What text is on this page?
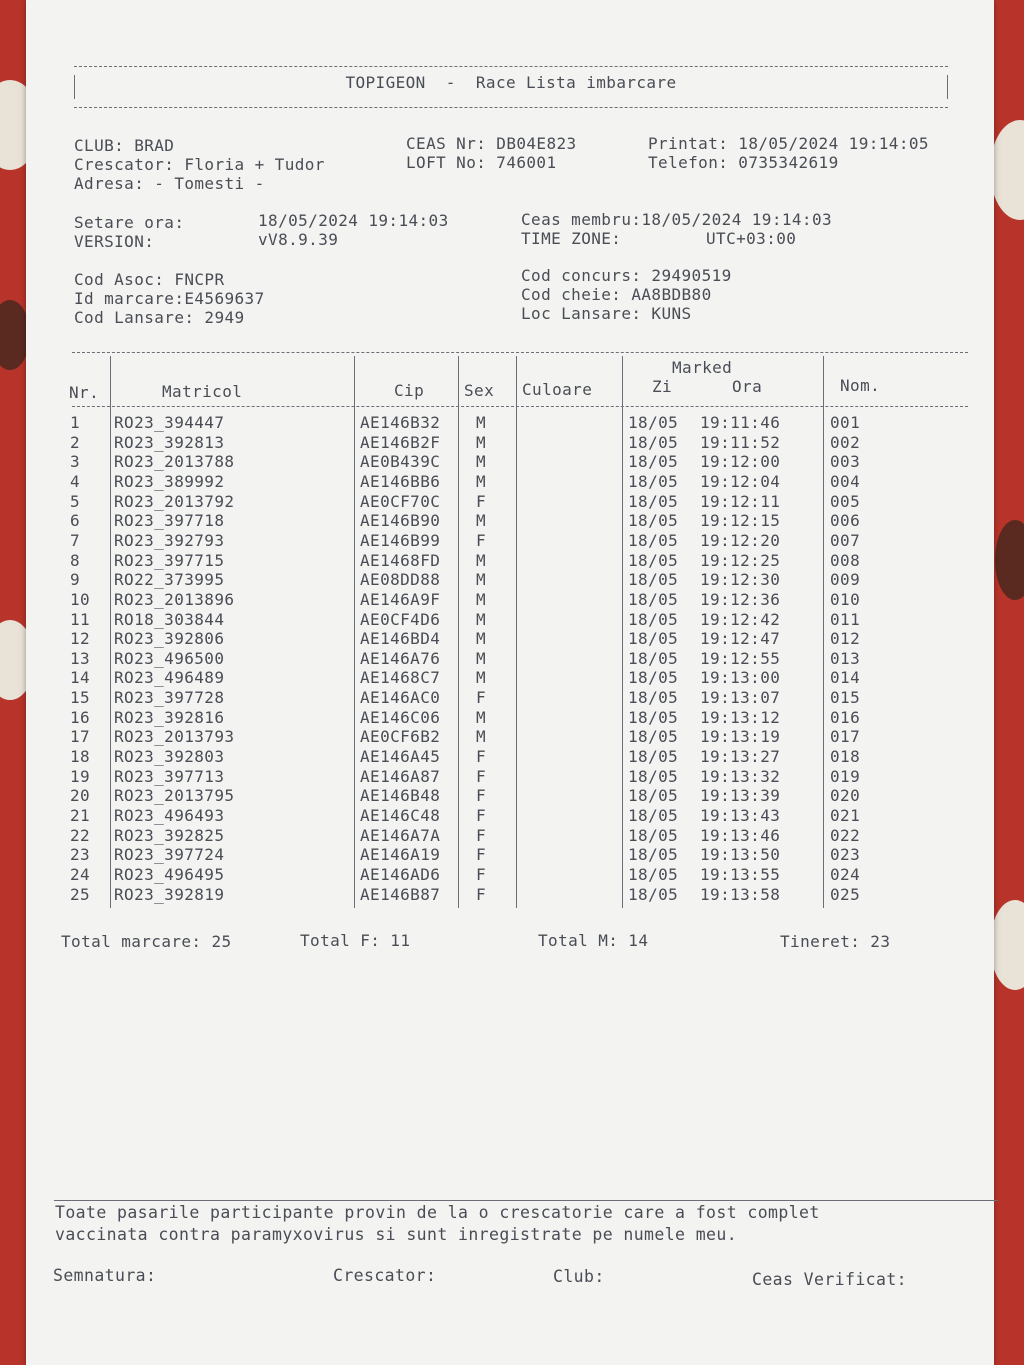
TOPIGEON  -  Race Lista imbarcare
CLUB: BRAD
Crescator: Floria + Tudor
Adresa: - Tomesti -
CEAS Nr: DB04E823
LOFT No: 746001
Printat: 18/05/2024 19:14:05
Telefon: 0735342619
Setare ora:	18/05/2024 19:14:03
VERSION:	vV8.9.39
Ceas membru:18/05/2024 19:14:03
TIME ZONE:	UTC+03:00
Cod Asoc: FNCPR
Id marcare:E4569637
Cod Lansare: 2949
Cod concurs: 29490519
Cod cheie: AA8BDB80
Loc Lansare: KUNS
Nr.	Matricol	Cip Sex Culoare
Marked
Zi	Ora	Nom.
1 RO23_394447	AE146B32 M	18/05 19:11:46	001
2 RO23_392813	AE146B2F M	18/05 19:11:52	002
3 RO23_2013788	AE0B439C M	18/05 19:12:00	003
4 RO23_389992	AE146BB6 M	18/05 19:12:04	004
5 RO23_2013792	AE0CF70C F	18/05 19:12:11	005
6 RO23_397718	AE146B90 M	18/05 19:12:15	006
7 RO23_392793	AE146B99 F	18/05 19:12:20	007
8 RO23_397715	AE1468FD M	18/05 19:12:25	008
9 RO22_373995	AE08DD88 M	18/05 19:12:30	009
10 RO23_2013896	AE146A9F M	18/05 19:12:36	010
11 RO18_303844	AE0CF4D6 M	18/05 19:12:42	011
12 RO23_392806	AE146BD4 M	18/05 19:12:47	012
13 RO23_496500	AE146A76 M	18/05 19:12:55	013
14 RO23_496489	AE1468C7 M	18/05 19:13:00	014
15 RO23_397728	AE146AC0 F	18/05 19:13:07	015
16 RO23_392816	AE146C06 M	18/05 19:13:12	016
17 RO23_2013793	AE0CF6B2 M	18/05 19:13:19	017
18 RO23_392803	AE146A45 F	18/05 19:13:27	018
19 RO23_397713	AE146A87 F	18/05 19:13:32	019
20 RO23_2013795	AE146B48 F	18/05 19:13:39	020
21 RO23_496493	AE146C48 F	18/05 19:13:43	021
22 RO23_392825	AE146A7A F	18/05 19:13:46	022
23 RO23_397724	AE146A19 F	18/05 19:13:50	023
24 RO23_496495	AE146AD6 F	18/05 19:13:55	024
25 RO23_392819	AE146B87 F	18/05 19:13:58	025
Total marcare: 25	Total F: 11	Total M: 14	Tineret: 23
Toate pasarile participante provin de la o crescatorie care a fost complet
vaccinata contra paramyxovirus si sunt inregistrate pe numele meu.
Semnatura:	Crescator:	Club:	Ceas Verificat:
